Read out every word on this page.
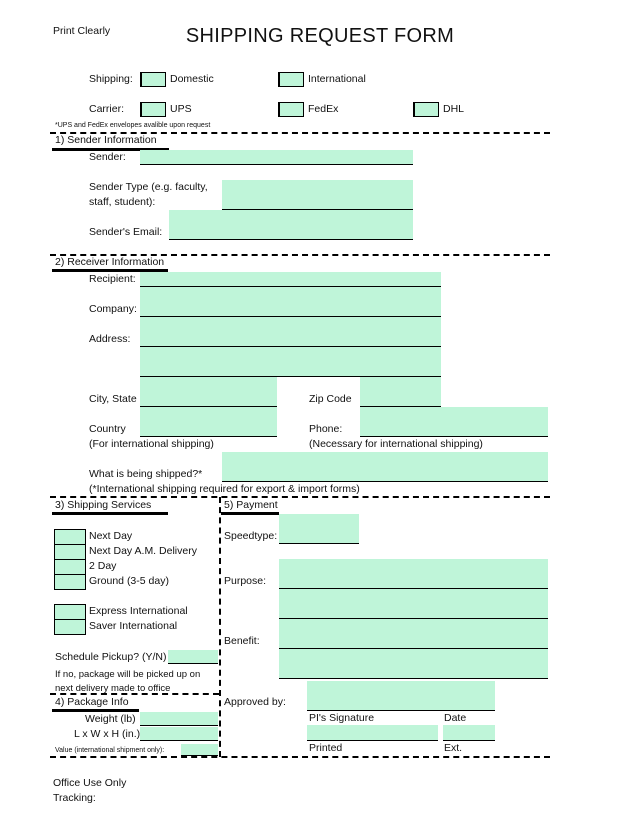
Print Clearly	SHIPPING REQUEST FORM
Shipping:	Domestic	International
Carrier:	UPS	FedEx	DHL
*UPS and FedEx envelopes avalible upon request
1) Sender Information
Sender:
Sender Type (e.g. faculty,
staff, student):
Sender's Email:
2) Receiver Information
Recipient:
Company:
Address:
City, State	Zip Code
Country
(For international shipping)
Phone:
(Necessary for international shipping)
What is being shipped?*
(*International shipping required for export & import forms)
3) Shipping Services
Next Day
Next Day A.M. Delivery
2 Day
Ground (3-5 day)
Express International
Saver International
Schedule Pickup? (Y/N)
If no, package will be picked up on
next delivery made to office
4) Package Info
Weight (lb)
L x W x H (in.)
Value (international shipment only):
5) Payment
Speedtype:
Purpose:
Benefit:
Approved by:
PI's Signature	Date
Printed	Ext.
Office Use Only
Tracking:
